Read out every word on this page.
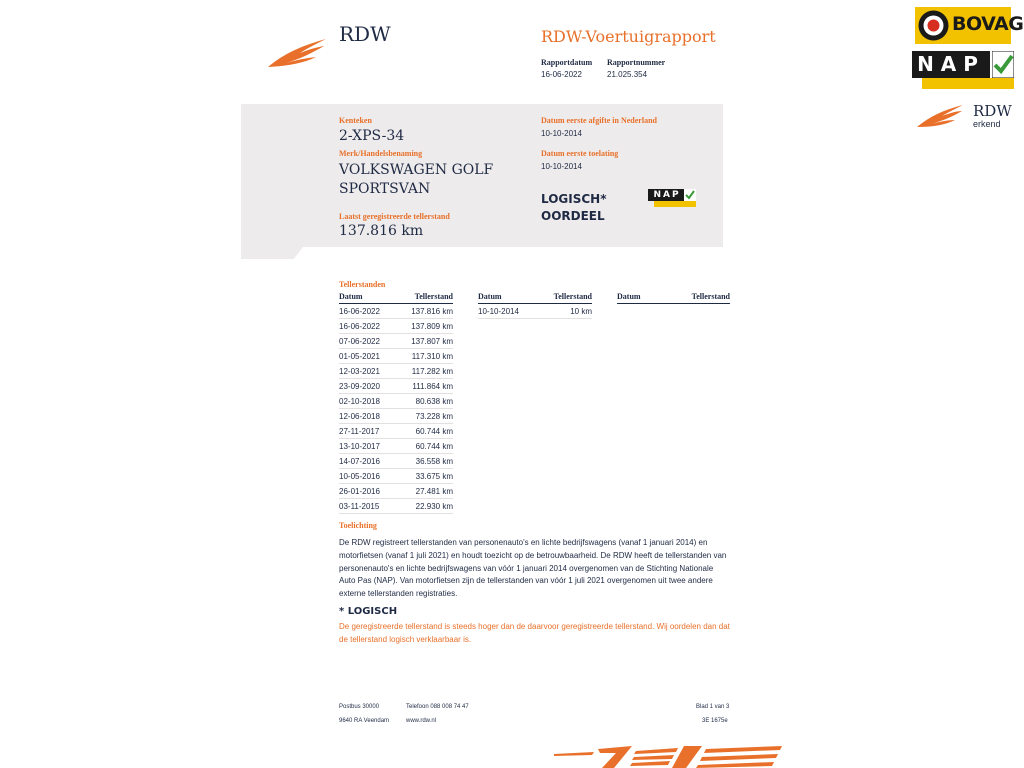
RDW	RDW-Voertuigrapport
Rapportdatum
16-06-2022
Rapportnummer
21.025.354
Kenteken
2-XPS-34
Merk/Handelsbenaming
VOLKSWAGEN GOLF
SPORTSVAN
Laatst geregistreerde tellerstand
137.816 km
Datum eerste afgifte in Nederland
10-10-2014
Datum eerste toelating
10-10-2014
LOGISCH*
OORDEEL
NAP
Tellerstanden
Datum	Tellerstand
16-06-2022	137.816 km
16-06-2022	137.809 km
07-06-2022	137.807 km
01-05-2021	117.310 km
12-03-2021	117.282 km
23-09-2020	111.864 km
02-10-2018	80.638 km
12-06-2018	73.228 km
27-11-2017	60.744 km
13-10-2017	60.744 km
14-07-2016	36.558 km
10-05-2016	33.675 km
26-01-2016	27.481 km
03-11-2015	22.930 km
Datum	Tellerstand
10-10-2014	10 km
Datum	Tellerstand
Toelichting
De RDW registreert tellerstanden van personenauto's en lichte bedrijfswagens (vanaf 1 januari 2014) en motorfietsen (vanaf 1 juli 2021) en houdt toezicht op de betrouwbaarheid. De RDW heeft de tellerstanden van personenauto's en lichte bedrijfswagens van vóór 1 januari 2014 overgenomen van de Stichting Nationale Auto Pas (NAP). Van motorfietsen zijn de tellerstanden van vóór 1 juli 2021 overgenomen uit twee andere externe tellerstanden registraties.
* LOGISCH
De geregistreerde tellerstand is steeds hoger dan de daarvoor geregistreerde tellerstand. Wij oordelen dan dat de tellerstand logisch verklaarbaar is.
Postbus 30000
9640 RA Veendam
Telefoon 088 008 74 47
www.rdw.nl
Blad 1 van 3
3E 1675e
BOVAG
NAP
RDW
erkend
